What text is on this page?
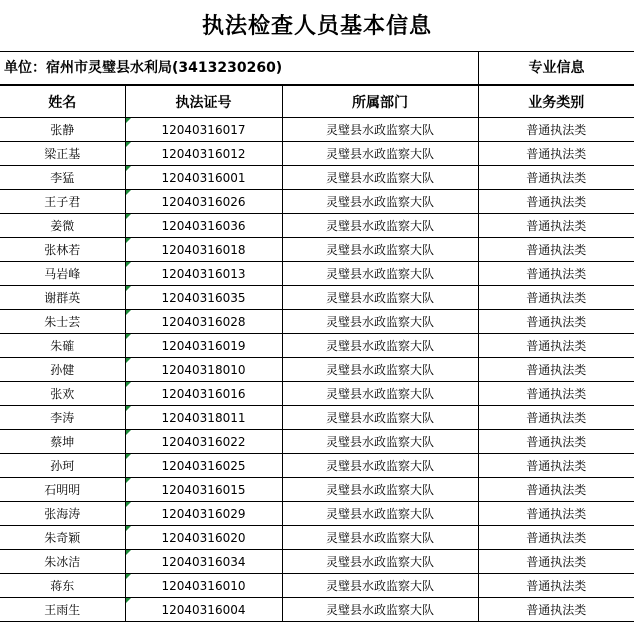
执法检查人员基本信息
单位：宿州市灵璧县水利局(3413230260)	专业信息
姓名	执法证号	所属部门	业务类别
张静	12040316017	灵璧县水政监察大队	普通执法类
梁正基	12040316012	灵璧县水政监察大队	普通执法类
李猛	12040316001	灵璧县水政监察大队	普通执法类
王子君	12040316026	灵璧县水政监察大队	普通执法类
姜微	12040316036	灵璧县水政监察大队	普通执法类
张林若	12040316018	灵璧县水政监察大队	普通执法类
马岩峰	12040316013	灵璧县水政监察大队	普通执法类
谢群英	12040316035	灵璧县水政监察大队	普通执法类
朱士芸	12040316028	灵璧县水政监察大队	普通执法类
朱確	12040316019	灵璧县水政监察大队	普通执法类
孙健	12040318010	灵璧县水政监察大队	普通执法类
张欢	12040316016	灵璧县水政监察大队	普通执法类
李涛	12040318011	灵璧县水政监察大队	普通执法类
蔡坤	12040316022	灵璧县水政监察大队	普通执法类
孙珂	12040316025	灵璧县水政监察大队	普通执法类
石明明	12040316015	灵璧县水政监察大队	普通执法类
张海涛	12040316029	灵璧县水政监察大队	普通执法类
朱奇颖	12040316020	灵璧县水政监察大队	普通执法类
朱冰洁	12040316034	灵璧县水政监察大队	普通执法类
蒋东	12040316010	灵璧县水政监察大队	普通执法类
王雨生	12040316004	灵璧县水政监察大队	普通执法类
